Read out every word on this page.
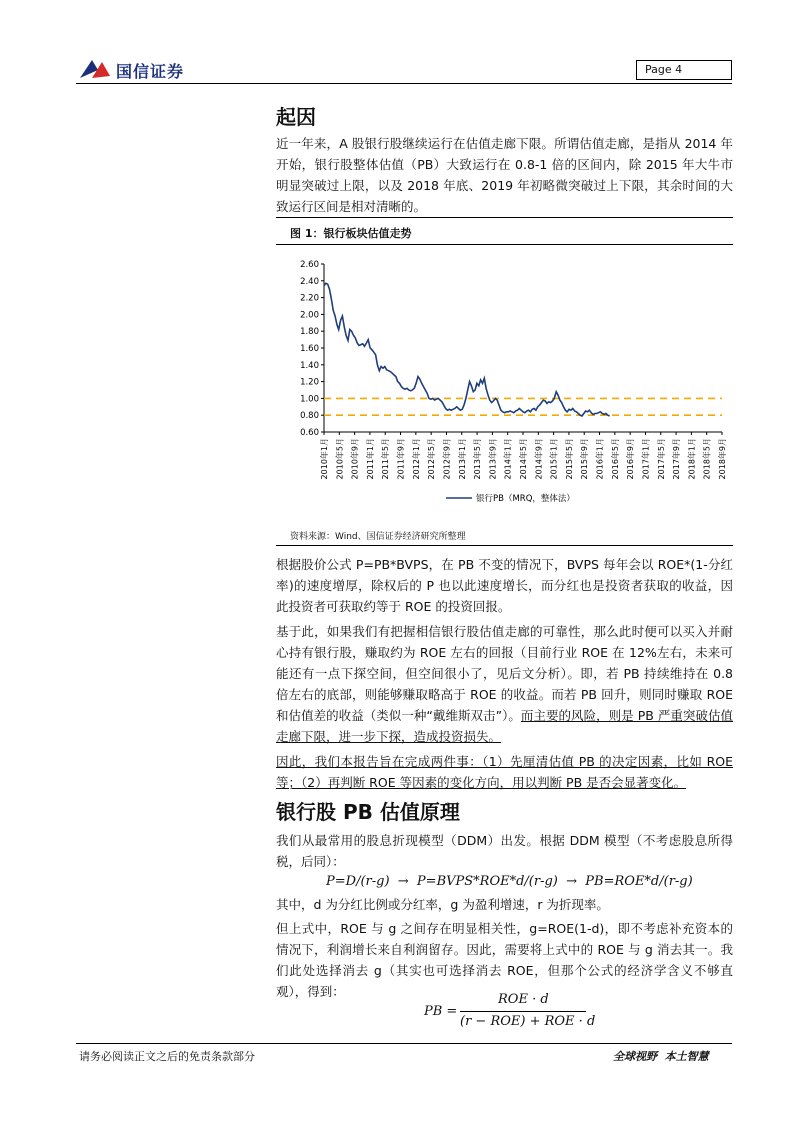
国信证券	Page 4
起因

近一年来，A 股银行股继续运行在估值走廊下限。所谓估值走廊，是指从 2014 年开始，银行股整体估值（PB）大致运行在 0.8-1 倍的区间内，除 2015 年大牛市明显突破过上限，以及 2018 年底、2019 年初略微突破过上下限，其余时间的大致运行区间是相对清晰的。

图 1：银行板块估值走势
0.60
0.80
1.00
1.20
1.40
1.60
1.80
2.00
2.20
2.40
2.60
2010年1月 2010年5月 2010年9月 2011年1月 2011年5月 2011年9月 2012年1月 2012年5月 2012年9月 2013年1月 2013年5月 2013年9月 2014年1月 2014年5月 2014年9月 2015年1月 2015年5月 2015年9月 2016年1月 2016年5月 2016年9月 2017年1月 2017年5月 2017年9月 2018年1月 2018年5月 2018年9月
银行PB（MRQ，整体法）
资料来源：Wind、国信证券经济研究所整理

根据股价公式 P=PB*BVPS，在 PB 不变的情况下，BVPS 每年会以 ROE*(1-分红率)的速度增厚，除权后的 P 也以此速度增长，而分红也是投资者获取的收益，因此投资者可获取约等于 ROE 的投资回报。

基于此，如果我们有把握相信银行股估值走廊的可靠性，那么此时便可以买入并耐心持有银行股，赚取约为 ROE 左右的回报（目前行业 ROE 在 12%左右，未来可能还有一点下探空间，但空间很小了，见后文分析）。即，若 PB 持续维持在 0.8 倍左右的底部，则能够赚取略高于 ROE 的收益。而若 PB 回升，则同时赚取 ROE 和估值差的收益（类似一种“戴维斯双击”）。而主要的风险，则是 PB 严重突破估值走廊下限，进一步下探，造成投资损失。

因此，我们本报告旨在完成两件事：（1）先厘清估值 PB 的决定因素，比如 ROE 等；（2）再判断 ROE 等因素的变化方向，用以判断 PB 是否会显著变化。

银行股 PB 估值原理

我们从最常用的股息折现模型（DDM）出发。根据 DDM 模型（不考虑股息所得税，后同）：

P=D/(r-g)  →  P=BVPS*ROE*d/(r-g)  →  PB=ROE*d/(r-g)

其中，d 为分红比例或分红率，g 为盈利增速，r 为折现率。

但上式中，ROE 与 g 之间存在明显相关性，g=ROE(1-d)，即不考虑补充资本的情况下，利润增长来自利润留存。因此，需要将上式中的 ROE 与 g 消去其一。我们此处选择消去 g（其实也可选择消去 ROE，但那个公式的经济学含义不够直观），得到：

PB =
ROE · d
(r − ROE) + ROE · d
请务必阅读正文之后的免责条款部分	全球视野  本土智慧
